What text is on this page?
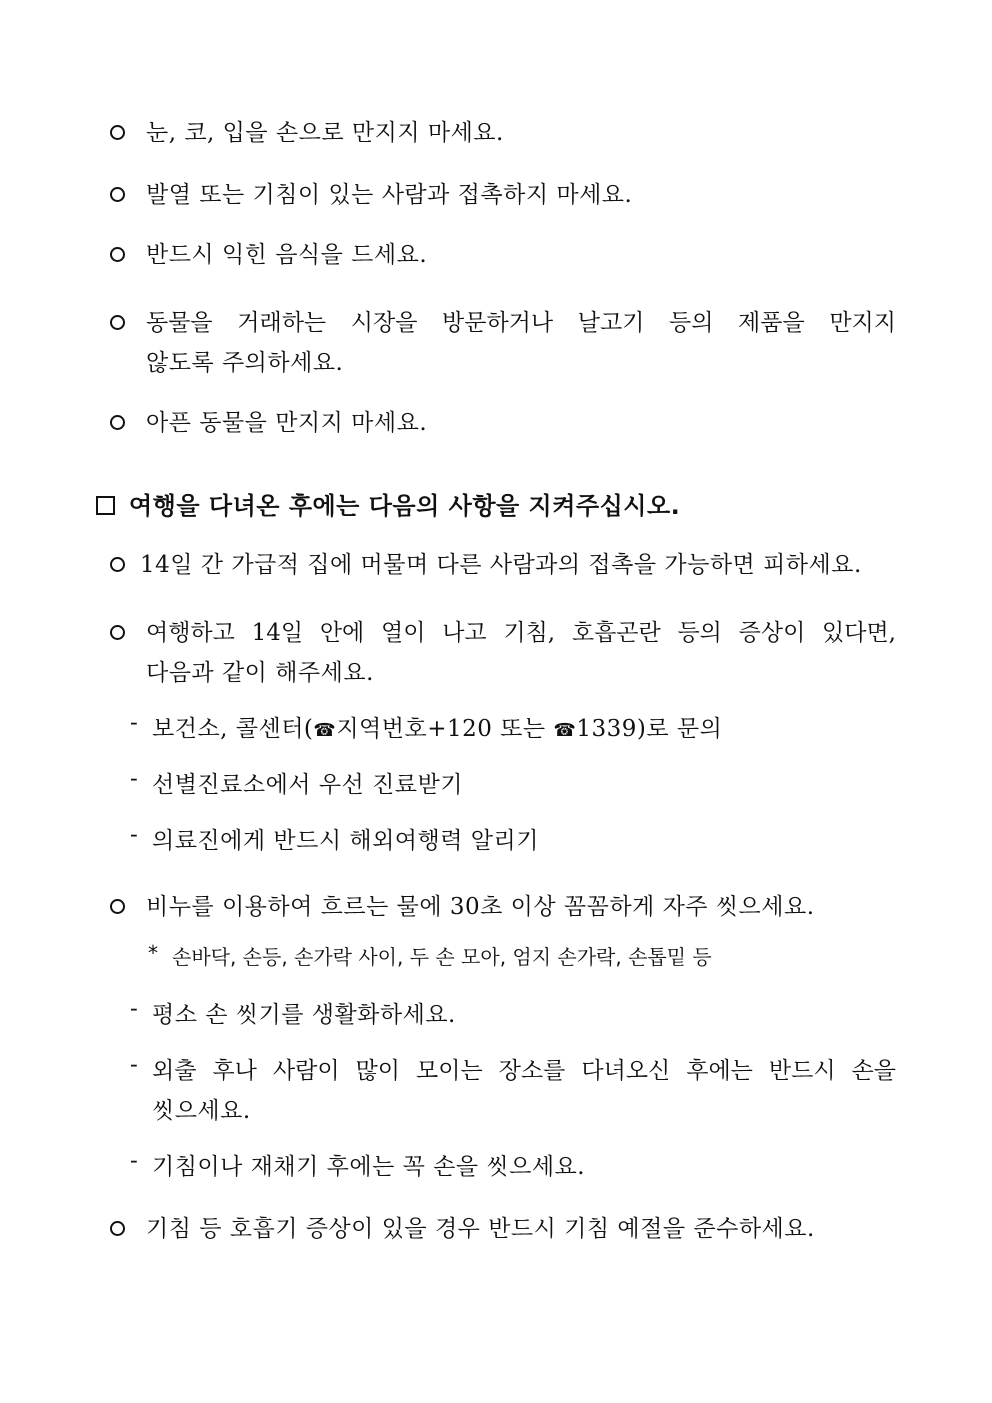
눈, 코, 입을 손으로 만지지 마세요.
발열 또는 기침이 있는 사람과 접촉하지 마세요.
반드시 익힌 음식을 드세요.
동물을 거래하는 시장을 방문하거나 날고기 등의 제품을 만지지
않도록 주의하세요.
아픈 동물을 만지지 마세요.
여행을 다녀온 후에는 다음의 사항을 지켜주십시오.
14일 간 가급적 집에 머물며 다른 사람과의 접촉을 가능하면 피하세요.
여행하고 14일 안에 열이 나고 기침, 호흡곤란 등의 증상이 있다면,
다음과 같이 해주세요.
- 보건소, 콜센터(☎지역번호+120 또는 ☎1339)로 문의
- 선별진료소에서 우선 진료받기
- 의료진에게 반드시 해외여행력 알리기
비누를 이용하여 흐르는 물에 30초 이상 꼼꼼하게 자주 씻으세요.
* 손바닥, 손등, 손가락 사이, 두 손 모아, 엄지 손가락, 손톱밑 등
- 평소 손 씻기를 생활화하세요.
- 외출 후나 사람이 많이 모이는 장소를 다녀오신 후에는 반드시 손을
씻으세요.
- 기침이나 재채기 후에는 꼭 손을 씻으세요.
기침 등 호흡기 증상이 있을 경우 반드시 기침 예절을 준수하세요.
